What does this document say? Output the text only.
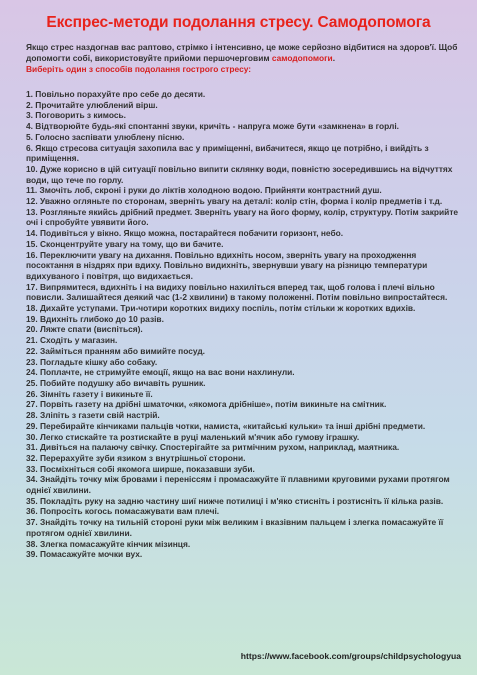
Експрес-методи подолання стресу. Самодопомога
Якщо стрес наздогнав вас раптово, стрімко і інтенсивно, це може серйозно відбитися на здоров'ї. Щоб допомогти собі, використовуйте прийоми першочерговим самодопомоги.
Виберіть один з способів подолання гострого стресу:
1. Повільно порахуйте про себе до десяти.
2. Прочитайте улюблений вірш.
3. Поговорить з кимось.
4. Відтворюйте будь-які спонтанні звуки, кричіть - напруга може бути «замкнена» в горлі.
5. Голосно заспівати улюблену пісню.
6. Якщо стресова ситуація захопила вас у приміщенні, вибачитеся, якщо це потрібно, і вийдіть з приміщення.
10. Дуже корисно в цій ситуації повільно випити склянку води, повністю зосередившись на відчуттях води, що тече по горлу.
11. Змочіть лоб, скроні і руки до ліктів холодною водою. Прийняти контрастний душ.
12. Уважно огляньте по сторонам, зверніть увагу на деталі: колір стін, форма і колір предметів і т.д.
13. Розгляньте якийсь дрібний предмет. Зверніть увагу на його форму, колір, структуру. Потім закрийте очі і спробуйте увявити його.
14. Подивіться у вікно. Якщо можна, постарайтеся побачити горизонт, небо.
15. Сконцентруйте увагу на тому, що ви бачите.
16. Переключити увагу на дихання. Повільно вдихніть носом, зверніть увагу на проходження посоктання в ніздрях при вдиху. Повільно видихніть, звернувши увагу на різницю температури вдихуваного і повітря, що видихається.
17. Випрямитеся, вдихніть і на видиху повільно нахиліться вперед так, щоб голова і плечі вільно повисли. Залишайтеся деякий час (1-2 хвилини) в такому положенні. Потім повільно випростайтеся.
18. Дихайте уступами. Три-чотири коротких видиху поспіль, потім стільки ж коротких вдихів.
19. Вдихніть глибоко до 10 разів.
20. Ляжте спати (виспіться).
21. Сходіть у магазин.
22. Займіться пранням або вимийте посуд.
23. Погладьте кішку або собаку.
24. Поплачте, не стримуйте емоції, якщо на вас вони нахлинули.
25. Побийте подушку або вичавіть рушник.
26. Зімніть газету і викиньте її.
27. Порвіть газету на дрібні шматочки, «якомога дрібніше», потім викиньте на смітник.
28. Зліпіть з газети свій настрій.
29. Перебирайте кінчиками пальців чотки, намиста, «китайські кульки» та інші дрібні предмети.
30. Легко стискайте та розтискайте в руці маленький м'ячик або гумову іграшку.
31. Дивіться на палаючу свічку. Спостерігайте за ритмічним рухом, наприклад, маятника.
32. Перерахуйте зуби язиком з внутрішньої сторони.
33. Посміхніться собі якомога ширше, показавши зуби.
34. Знайдіть точку між бровами і переніссям і промасажуйте її плавними круговими рухами протягом однієї хвилини.
35. Покладіть руку на задню частину шиї нижче потилиці і м'яко стисніть і розтисніть її кілька разів.
36. Попросіть когось помасажувати вам плечі.
37. Знайдіть точку на тильній стороні руки між великим і вказівним пальцем і злегка помасажуйте її протягом однієї хвилини.
38. Злегка помасажуйте кінчик мізинця.
39. Помасажуйте мочки вух.
https://www.facebook.com/groups/childpsychologyua
